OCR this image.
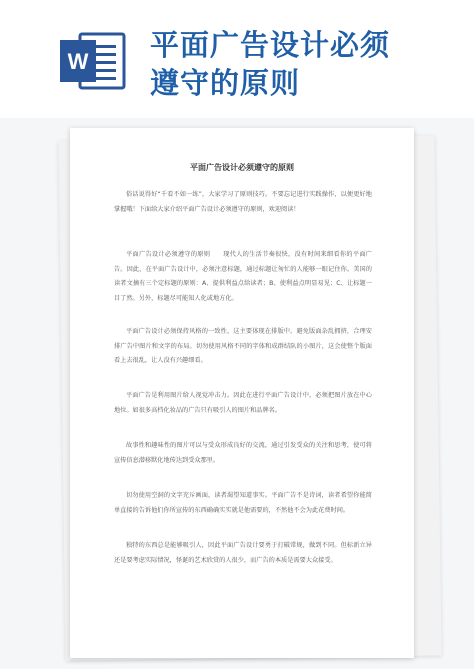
W 平面广告设计必须
遵守的原则
平面广告设计必须遵守的原则

俗话说得好“千看不如一练”，大家学习了原则技巧。不要忘记进行实践操作，以便更好地掌握哦！下面给大家介绍平面广告设计必须遵守的原则，欢迎阅读！

平面广告设计必须遵守的原则　　现代人的生活节奏很快，没有时间来细看你的平面广告。因此，在平面广告设计中，必须注意标题，通过标题让匆忙的人能够一眼记住你。美国的读者文摘有三个定标题的原则：A、提供利益点给读者；B、使利益点明显易见；C、让标题一目了然。另外，标题尽可能知人化或地方化。

平面广告设计必须保持风格的一致性，这主要体现在排版中。避免版面杂乱拥挤，合理安排广告中图片和文字的布局。切勿使用风格不同的字体和成群结队的小图片，这会使整个版面看上去很乱，让人没有兴趣细看。

平面广告是利用图片给人视觉冲击力。因此在进行平面广告设计中，必须把图片放在中心地位。如很多高档化妆品的广告只有吸引人的图片和品牌名。

故事性和趣味性的图片可以与受众形成良好的交流，通过引发受众的关注和思考，使可将宣传信息潜移默化地传达到受众那里。

切勿使用空洞的文字充斥画面，读者渴望知道事实。平面广告不是诗词，读者希望你能简单直接的告诉他们你所宣传的东西确确实实就是他需要的，不然他不会为此花费时间。

独特的东西总是能够吸引人，因此平面广告设计要勇于打破常规，做到不同。但标新立异还是要考虑实际情况，怪诞的艺术欣赏的人很少，而广告的本质是需要大众接受。
